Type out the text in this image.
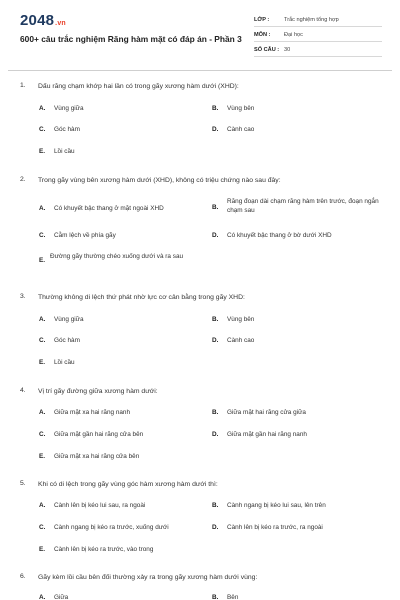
2048.vn
600+ câu trắc nghiệm Răng hàm mặt có đáp án - Phần 3
LỚP :	Trắc nghiệm tổng hợp
MÔN : Đại học
SỐ CÂU : 30
1. Dấu răng chạm khớp hai lần có trong gãy xương hàm dưới (XHD):
A. Vùng giữa	B. Vùng bên
C. Góc hàm	D. Cành cao
E. Lồi cầu
2. Trong gãy vùng bên xương hàm dưới (XHD), không có triệu chứng nào sau đây:
A. Có khuyết bậc thang ở mặt ngoài XHD	B.
Răng đoạn dài chạm răng hàm trên trước, đoạn ngắn chạm sau
C. Cằm lệch về phía gãy	D. Có khuyết bậc thang ở bờ dưới XHD
E.
Đường gãy thường chéo xuống dưới và ra sau
3. Thường không di lệch thứ phát nhờ lực cơ cân bằng trong gãy XHD:
A. Vùng giữa	B. Vùng bên
C. Góc hàm	D. Cành cao
E. Lồi cầu
4. Vị trí gãy đường giữa xương hàm dưới:
A. Giữa mặt xa hai răng nanh	B. Giữa mặt hai răng cửa giữa
C. Giữa mặt gần hai răng cửa bên	D. Giữa mặt gần hai răng nanh
E. Giữa mặt xa hai răng cửa bên
5. Khi có di lệch trong gãy vùng góc hàm xương hàm dưới thì:
A. Cành lên bị kéo lui sau, ra ngoài	B. Cành ngang bị kéo lui sau, lên trên
C. Cành ngang bị kéo ra trước, xuống dưới	D. Cành lên bị kéo ra trước, ra ngoài
E. Cành lên bị kéo ra trước, vào trong
6. Gãy kèm lồi cầu bên đối thường xảy ra trong gãy xương hàm dưới vùng:
A. Giữa	B. Bên
